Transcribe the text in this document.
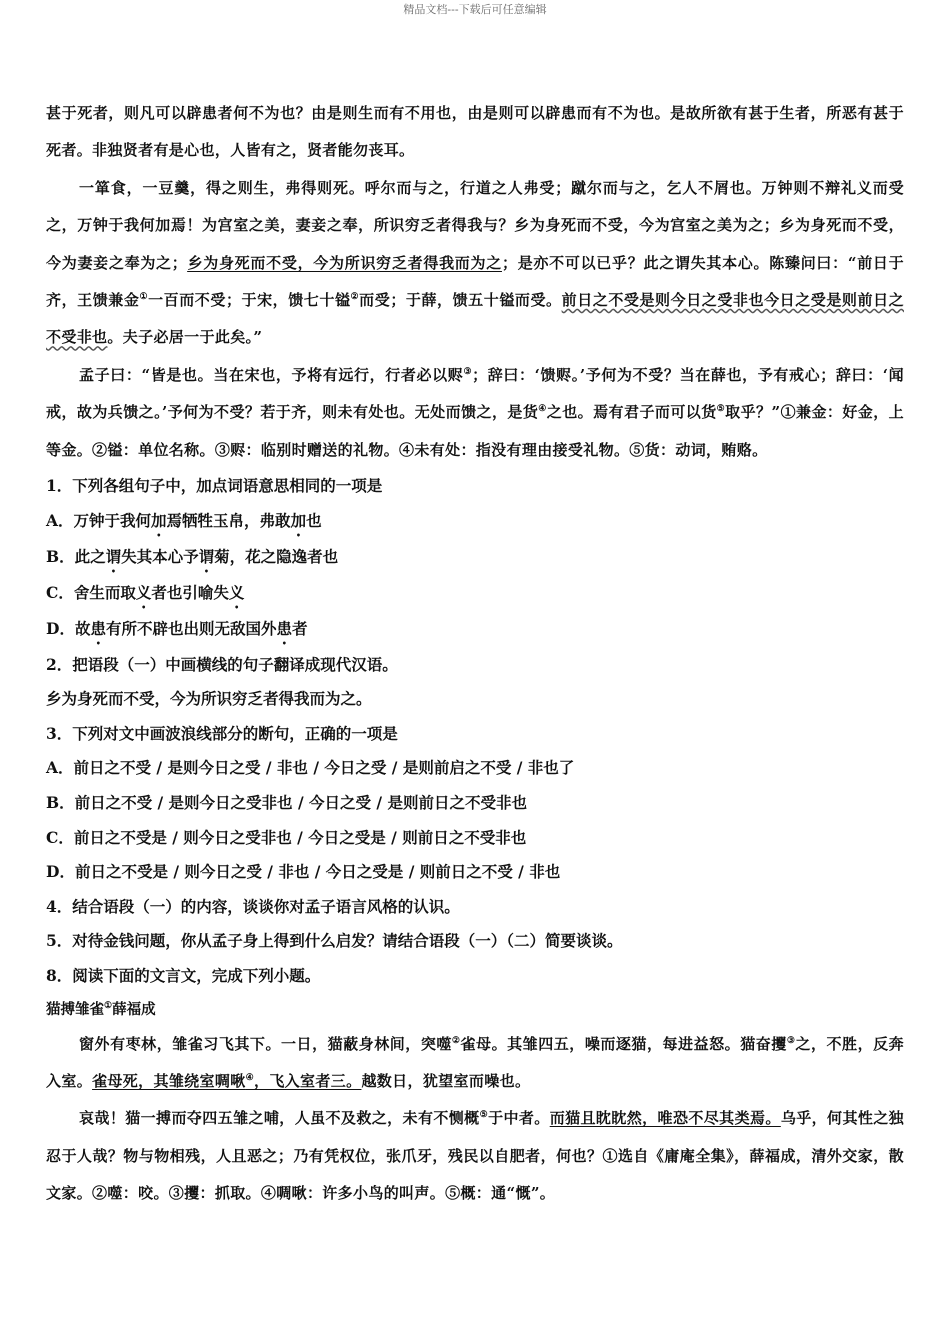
精品文档---下载后可任意编辑

甚于死者，则凡可以辟患者何不为也？由是则生而有不用也，由是则可以辟患而有不为也。是故所欲有甚于生者，所恶有甚于死者。非独贤者有是心也，人皆有之，贤者能勿丧耳。

一箪食，一豆羹，得之则生，弗得则死。呼尔而与之，行道之人弗受；蹴尔而与之，乞人不屑也。万钟则不辩礼义而受之，万钟于我何加焉！为宫室之美，妻妾之奉，所识穷乏者得我与？乡为身死而不受，今为宫室之美为之；乡为身死而不受，今为妻妾之奉为之；乡为身死而不受，今为所识穷乏者得我而为之；是亦不可以已乎？此之谓失其本心。陈臻问曰：“前日于齐，王馈兼金①一百而不受；于宋，馈七十镒②而受；于薛，馈五十镒而受。前日之不受是则今日之受非也今日之受是则前日之不受非也。夫子必居一于此矣。”

孟子曰：“皆是也。当在宋也，予将有远行，行者必以赆③；辞曰：‘馈赆。’予何为不受？当在薛也，予有戒心；辞曰：‘闻戒，故为兵馈之。’予何为不受？若于齐，则未有处也。无处而馈之，是货④之也。焉有君子而可以货⑤取乎？”①兼金：好金，上等金。②镒：单位名称。③赆：临别时赠送的礼物。④未有处：指没有理由接受礼物。⑤货：动词，贿赂。

1．下列各组句子中，加点词语意思相同的一项是

A．万钟于我何加焉牺牲玉帛，弗敢加也

B．此之谓失其本心予谓菊，花之隐逸者也

C．舍生而取义者也引喻失义

D．故患有所不辟也出则无敌国外患者

2．把语段（一）中画横线的句子翻译成现代汉语。

乡为身死而不受，今为所识穷乏者得我而为之。

3．下列对文中画波浪线部分的断句，正确的一项是

A．前日之不受 / 是则今日之受 / 非也 / 今日之受 / 是则前启之不受 / 非也了

B．前日之不受 / 是则今日之受非也 / 今日之受 / 是则前日之不受非也

C．前日之不受是 / 则今日之受非也 / 今日之受是 / 则前日之不受非也

D．前日之不受是 / 则今日之受 / 非也 / 今日之受是 / 则前日之不受 / 非也

4．结合语段（一）的内容，谈谈你对孟子语言风格的认识。

5．对待金钱问题，你从孟子身上得到什么启发？请结合语段（一）（二）简要谈谈。

8．阅读下面的文言文，完成下列小题。

猫搏雏雀①薛福成

窗外有枣林，雏雀习飞其下。一日，猫蔽身林间，突噬②雀母。其雏四五，噪而逐猫，每进益怒。猫奋攫③之，不胜，反奔入室。雀母死，其雏绕室啁啾④，飞入室者三。越数日，犹望室而噪也。

哀哉！猫一搏而夺四五雏之哺，人虽不及救之，未有不恻概⑤于中者。而猫且眈眈然，唯恐不尽其类焉。乌乎，何其性之独忍于人哉？物与物相残，人且恶之；乃有凭权位，张爪牙，残民以自肥者，何也？①选自《庸庵全集》，薛福成，清外交家，散文家。②噬：咬。③攫：抓取。④啁啾：许多小鸟的叫声。⑤概：通“慨”。
